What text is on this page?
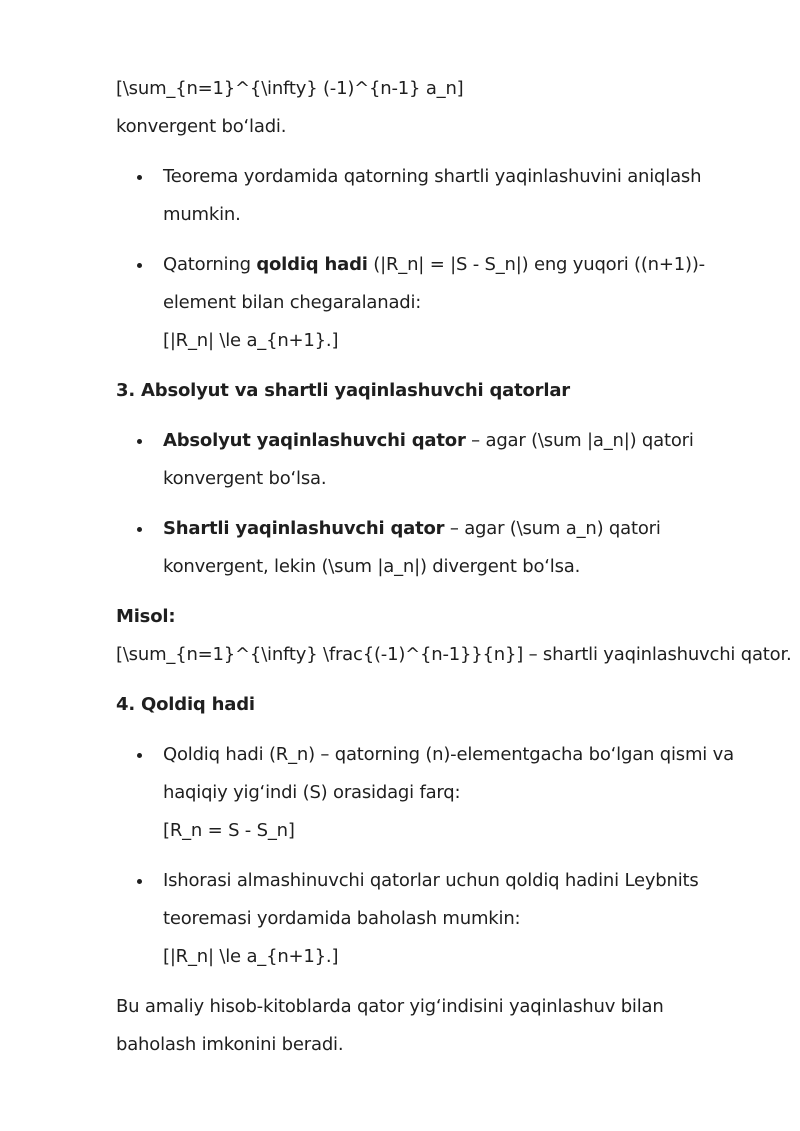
[\sum_{n=1}^{\infty} (-1)^{n-1} a_n]
konvergent bo‘ladi.
Teorema yordamida qatorning shartli yaqinlashuvini aniqlash
mumkin.
Qatorning qoldiq hadi (|R_n| = |S - S_n|) eng yuqori ((n+1))-
element bilan chegaralanadi:
[|R_n| \le a_{n+1}.]
3. Absolyut va shartli yaqinlashuvchi qatorlar
Absolyut yaqinlashuvchi qator – agar (\sum |a_n|) qatori
konvergent bo‘lsa.
Shartli yaqinlashuvchi qator – agar (\sum a_n) qatori
konvergent, lekin (\sum |a_n|) divergent bo‘lsa.
Misol:
[\sum_{n=1}^{\infty} \frac{(-1)^{n-1}}{n}] – shartli yaqinlashuvchi qator.
4. Qoldiq hadi
Qoldiq hadi (R_n) – qatorning (n)-elementgacha bo‘lgan qismi va
haqiqiy yig‘indi (S) orasidagi farq:
[R_n = S - S_n]
Ishorasi almashinuvchi qatorlar uchun qoldiq hadini Leybnits
teoremasi yordamida baholash mumkin:
[|R_n| \le a_{n+1}.]
Bu amaliy hisob-kitoblarda qator yig‘indisini yaqinlashuv bilan
baholash imkonini beradi.
